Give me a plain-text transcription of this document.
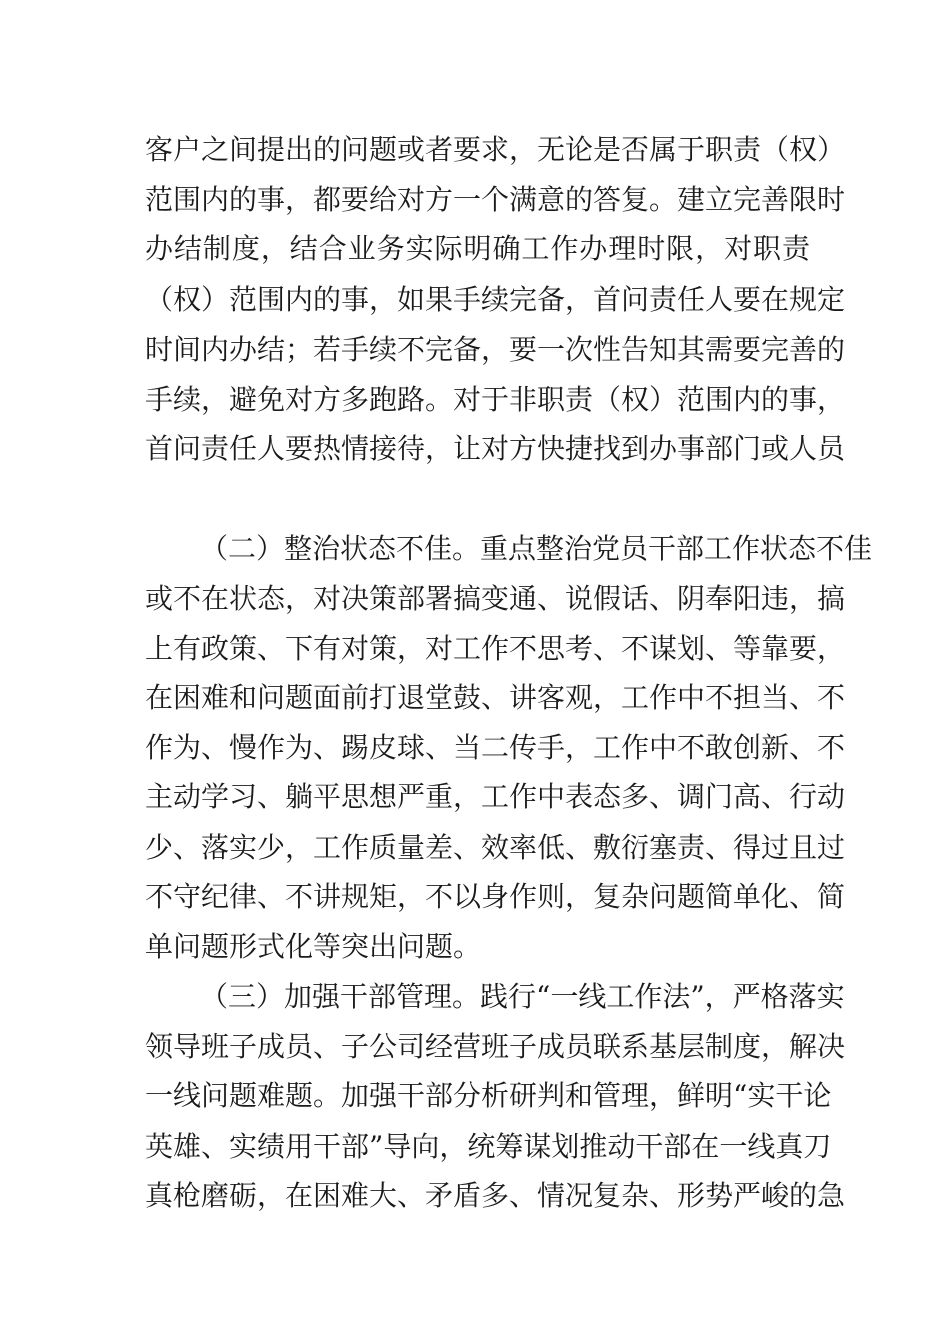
客户之间提出的问题或者要求，无论是否属于职责（权）
范围内的事，都要给对方一个满意的答复。建立完善限时
办结制度，结合业务实际明确工作办理时限，对职责
（权）范围内的事，如果手续完备，首问责任人要在规定
时间内办结；若手续不完备，要一次性告知其需要完善的
手续，避免对方多跑路。对于非职责（权）范围内的事，
首问责任人要热情接待，让对方快捷找到办事部门或人员
（二）整治状态不佳。重点整治党员干部工作状态不佳
或不在状态，对决策部署搞变通、说假话、阴奉阳违，搞
上有政策、下有对策，对工作不思考、不谋划、等靠要，
在困难和问题面前打退堂鼓、讲客观，工作中不担当、不
作为、慢作为、踢皮球、当二传手，工作中不敢创新、不
主动学习、躺平思想严重，工作中表态多、调门高、行动
少、落实少，工作质量差、效率低、敷衍塞责、得过且过
不守纪律、不讲规矩，不以身作则，复杂问题简单化、简
单问题形式化等突出问题。
（三）加强干部管理。践行“一线工作法”，严格落实
领导班子成员、子公司经营班子成员联系基层制度，解决
一线问题难题。加强干部分析研判和管理，鲜明“实干论
英雄、实绩用干部”导向，统筹谋划推动干部在一线真刀
真枪磨砺，在困难大、矛盾多、情况复杂、形势严峻的急
